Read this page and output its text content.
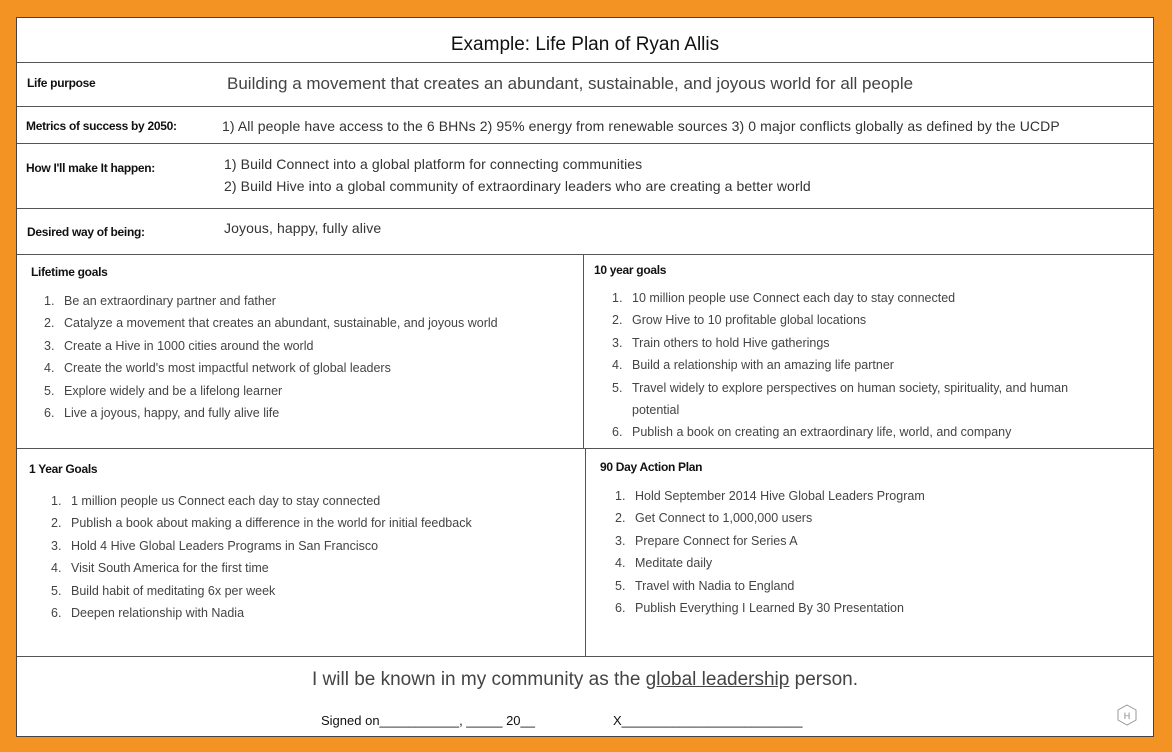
Example: Life Plan of Ryan Allis
Life purpose	Building a movement that creates an abundant, sustainable, and joyous world for all people
Metrics of success by 2050:	1) All people have access to the 6 BHNs 2) 95% energy from renewable sources 3) 0 major conflicts globally as defined by the UCDP
How I'll make It happen:	1) Build Connect into a global platform for connecting communities
2) Build Hive into a global community of extraordinary leaders who are creating a better world
Desired way of being:	Joyous, happy, fully alive
Lifetime goals
1. Be an extraordinary partner and father
2. Catalyze a movement that creates an abundant, sustainable, and joyous world
3. Create a Hive in 1000 cities around the world
4. Create the world's most impactful network of global leaders
5. Explore widely and be a lifelong learner
6. Live a joyous, happy, and fully alive life
10 year goals
1. 10 million people use Connect each day to stay connected
2. Grow Hive to 10 profitable global locations
3. Train others to hold Hive gatherings
4. Build a relationship with an amazing life partner
5. Travel widely to explore perspectives on human society, spirituality, and human potential
6. Publish a book on creating an extraordinary life, world, and company
1 Year Goals
1. 1 million people us Connect each day to stay connected
2. Publish a book about making a difference in the world for initial feedback
3. Hold 4 Hive Global Leaders Programs in San Francisco
4. Visit South America for the first time
5. Build habit of meditating 6x per week
6. Deepen relationship with Nadia
90 Day Action Plan
1. Hold September 2014 Hive Global Leaders Program
2. Get Connect to 1,000,000 users
3. Prepare Connect for Series A
4. Meditate daily
5. Travel with Nadia to England
6. Publish Everything I Learned By 30 Presentation
I will be known in my community as the global leadership person.
Signed on___________, _____ 20__	X_________________________	H
